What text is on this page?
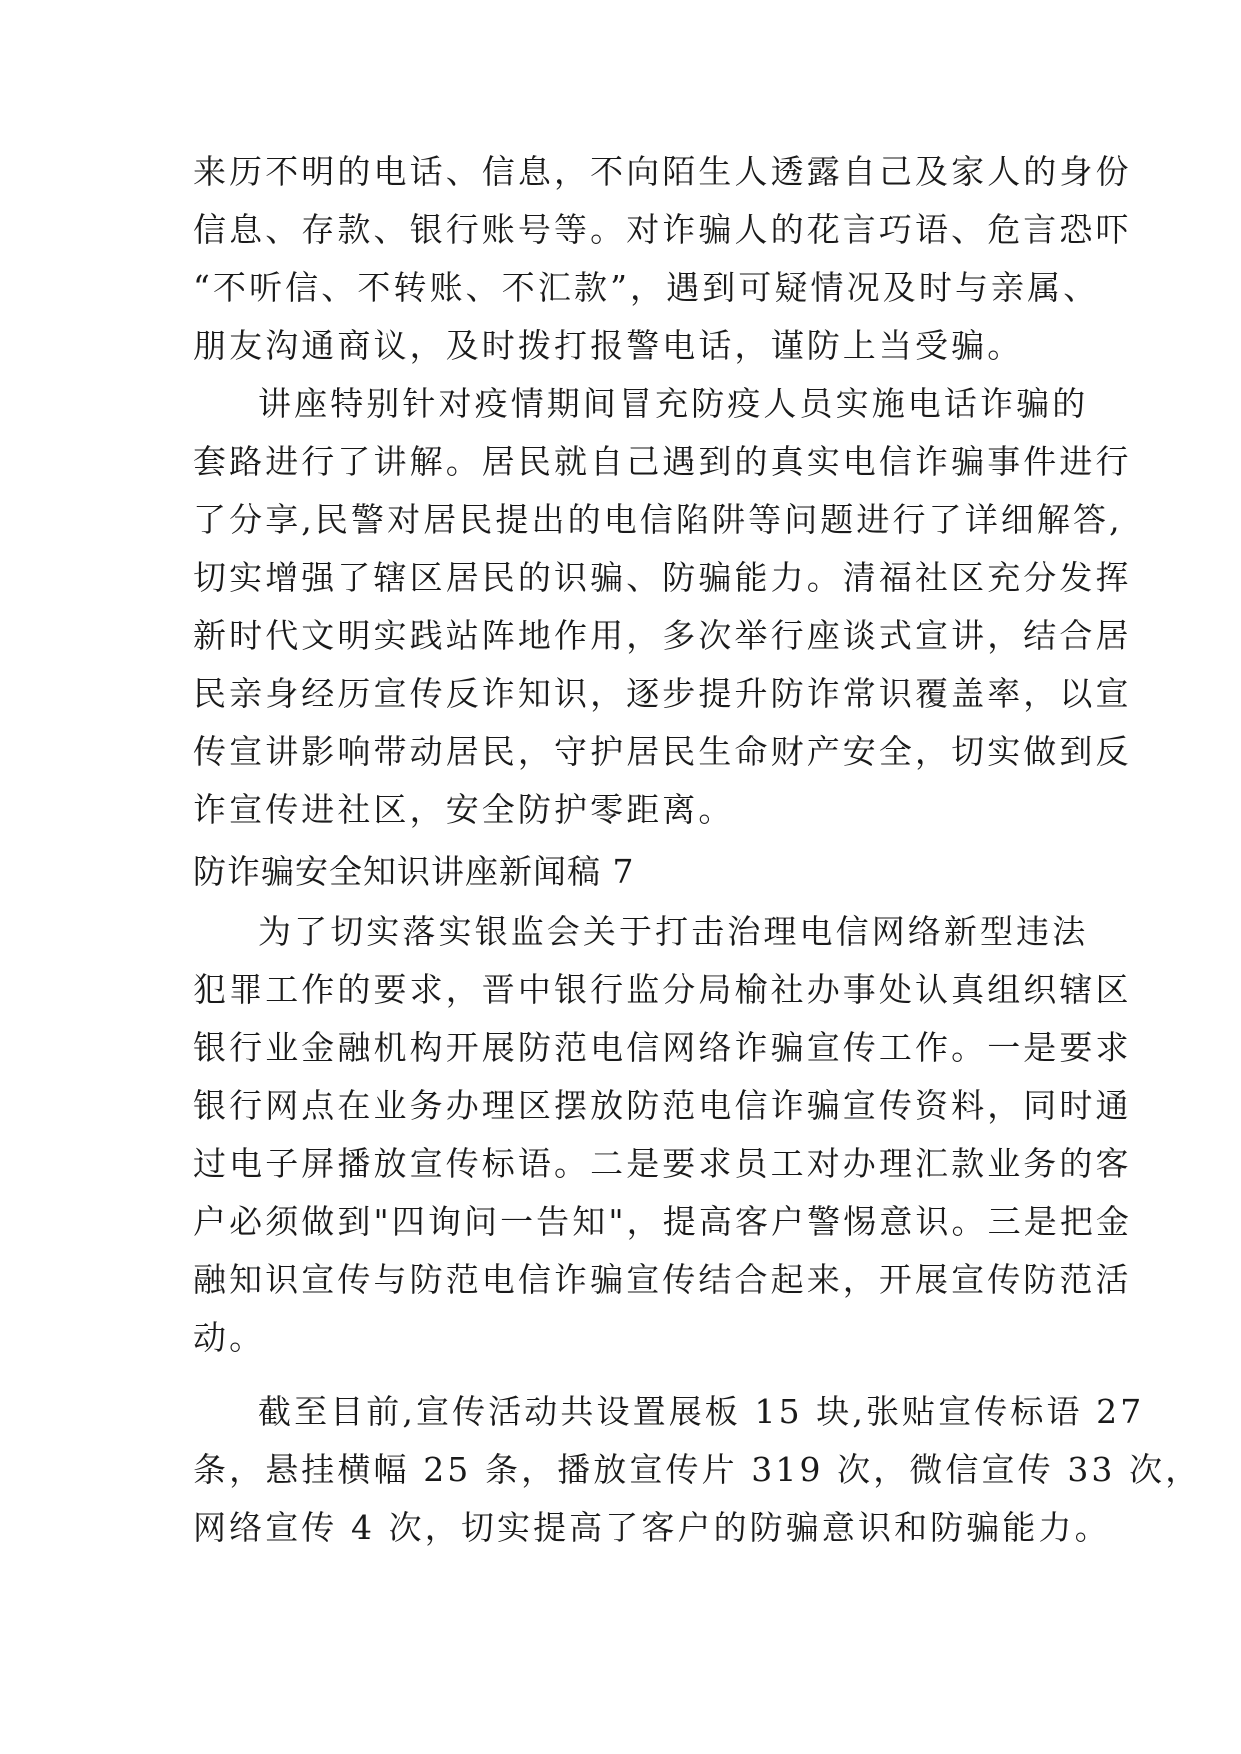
来历不明的电话、信息，不向陌生人透露自己及家人的身份
信息、存款、银行账号等。对诈骗人的花言巧语、危言恐吓
“不听信、不转账、不汇款”，遇到可疑情况及时与亲属、
朋友沟通商议，及时拨打报警电话，谨防上当受骗。
讲座特别针对疫情期间冒充防疫人员实施电话诈骗的
套路进行了讲解。居民就自己遇到的真实电信诈骗事件进行
了分享,民警对居民提出的电信陷阱等问题进行了详细解答,
切实增强了辖区居民的识骗、防骗能力。清福社区充分发挥
新时代文明实践站阵地作用，多次举行座谈式宣讲，结合居
民亲身经历宣传反诈知识，逐步提升防诈常识覆盖率，以宣
传宣讲影响带动居民，守护居民生命财产安全，切实做到反
诈宣传进社区，安全防护零距离。
防诈骗安全知识讲座新闻稿 7
为了切实落实银监会关于打击治理电信网络新型违法
犯罪工作的要求，晋中银行监分局榆社办事处认真组织辖区
银行业金融机构开展防范电信网络诈骗宣传工作。一是要求
银行网点在业务办理区摆放防范电信诈骗宣传资料，同时通
过电子屏播放宣传标语。二是要求员工对办理汇款业务的客
户必须做到"四询问一告知"，提高客户警惕意识。三是把金
融知识宣传与防范电信诈骗宣传结合起来，开展宣传防范活
动。
截至目前,宣传活动共设置展板 15 块,张贴宣传标语 27
条，悬挂横幅 25 条，播放宣传片 319 次，微信宣传 33 次，
网络宣传 4 次，切实提高了客户的防骗意识和防骗能力。
